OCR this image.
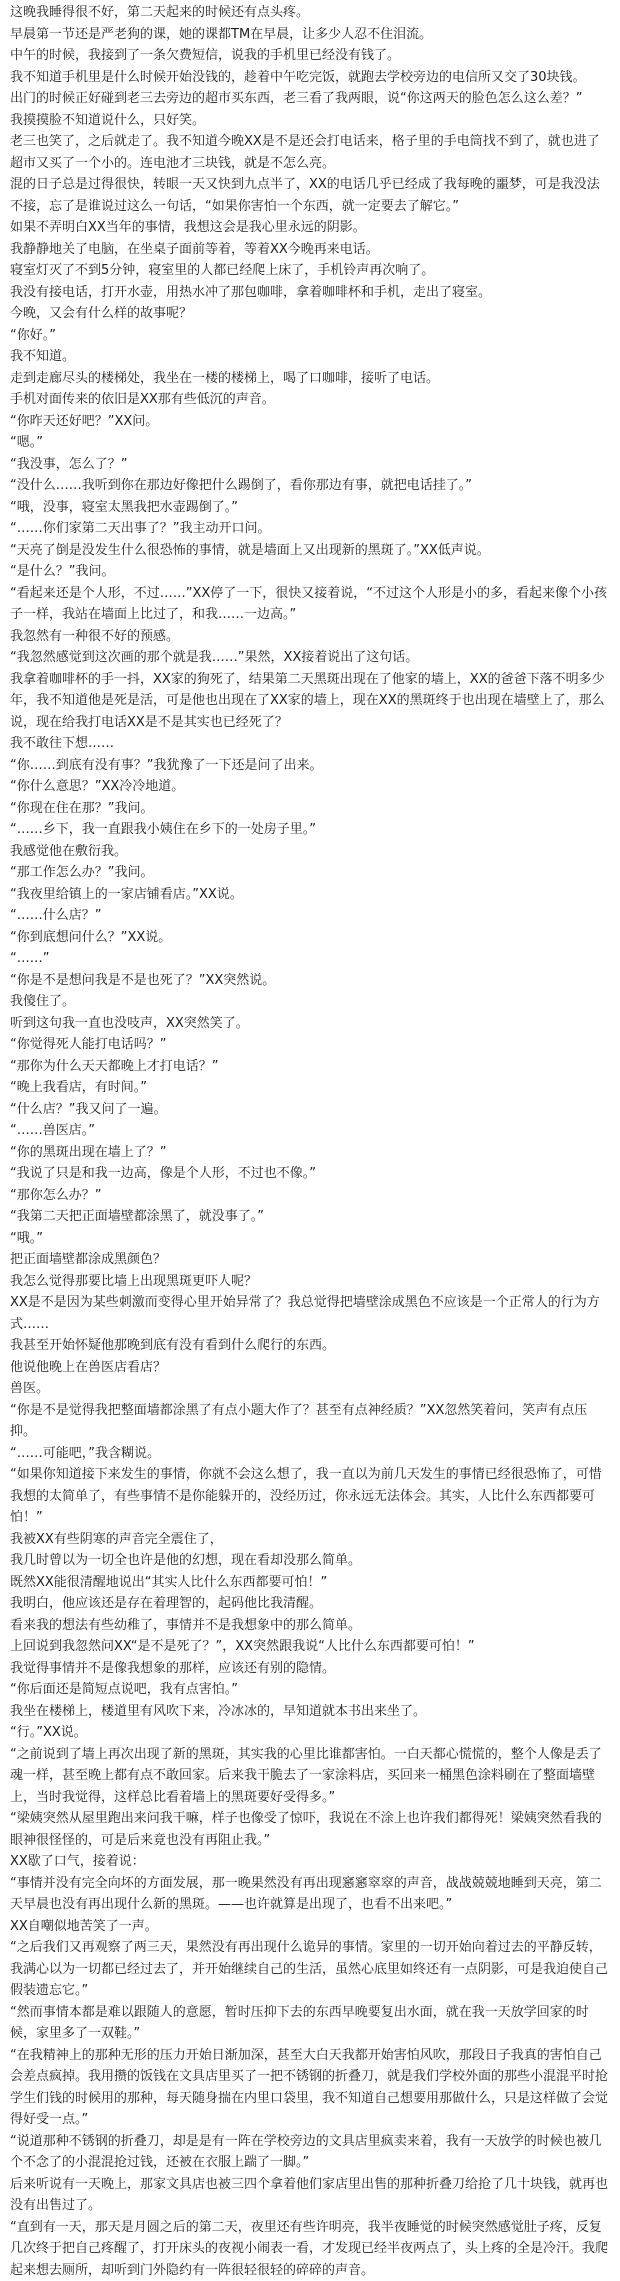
这晚我睡得很不好，第二天起来的时候还有点头疼。

早晨第一节还是严老狗的课，她的课都TM在早晨，让多少人忍不住泪流。

中午的时候，我接到了一条欠费短信，说我的手机里已经没有钱了。

我不知道手机里是什么时候开始没钱的，趁着中午吃完饭，就跑去学校旁边的电信所又交了30块钱。

出门的时候正好碰到老三去旁边的超市买东西，老三看了我两眼，说“你这两天的脸色怎么这么差？”

我摸摸脸不知道说什么，只好笑。

老三也笑了，之后就走了。我不知道今晚XX是不是还会打电话来，格子里的手电筒找不到了，就也进了超市又买了一个小的。连电池才三块钱，就是不怎么亮。

混的日子总是过得很快，转眼一天又快到九点半了，XX的电话几乎已经成了我每晚的噩梦，可是我没法不接，忘了是谁说过这么一句话，“如果你害怕一个东西，就一定要去了解它。”

如果不弄明白XX当年的事情，我想这会是我心里永远的阴影。

我静静地关了电脑，在坐桌子面前等着，等着XX今晚再来电话。

寝室灯灭了不到5分钟，寝室里的人都已经爬上床了，手机铃声再次响了。

我没有接电话，打开水壶，用热水冲了那包咖啡，拿着咖啡杯和手机，走出了寝室。

今晚，又会有什么样的故事呢？

“你好。”

我不知道。

走到走廊尽头的楼梯处，我坐在一楼的楼梯上，喝了口咖啡，接听了电话。

手机对面传来的依旧是XX那有些低沉的声音。

“你昨天还好吧？”XX问。

“嗯。”

“我没事，怎么了？”

“没什么……我听到你在那边好像把什么踢倒了，看你那边有事，就把电话挂了。”

“哦，没事，寝室太黑我把水壶踢倒了。”

“……你们家第二天出事了？”我主动开口问。

“天亮了倒是没发生什么很恐怖的事情，就是墙面上又出现新的黑斑了。”XX低声说。

“是什么？”我问。

“看起来还是个人形，不过……”XX停了一下，很快又接着说，“不过这个人形是小的多，看起来像个小孩子一样，我站在墙面上比过了，和我……一边高。”

我忽然有一种很不好的预感。

“我忽然感觉到这次画的那个就是我……”果然，XX接着说出了这句话。

我拿着咖啡杯的手一抖，XX家的狗死了，结果第二天黑斑出现在了他家的墙上，XX的爸爸下落不明多少年，我不知道他是死是活，可是他也出现在了XX家的墙上，现在XX的黑斑终于也出现在墙壁上了，那么说，现在给我打电话XX是不是其实也已经死了？

我不敢往下想……

“你……到底有没有事？”我犹豫了一下还是问了出来。

“你什么意思？”XX冷冷地道。

“你现在住在那？”我问。

“……乡下，我一直跟我小姨住在乡下的一处房子里。”

我感觉他在敷衍我。

“那工作怎么办？”我问。

“我夜里给镇上的一家店铺看店。”XX说。

“……什么店？”

“你到底想问什么？”XX说。

“……”

“你是不是想问我是不是也死了？”XX突然说。

我傻住了。

听到这句我一直也没吱声，XX突然笑了。

“你觉得死人能打电话吗？”

“那你为什么天天都晚上才打电话？”

“晚上我看店，有时间。”

“什么店？”我又问了一遍。

“……兽医店。”

“你的黑斑出现在墙上了？”

“我说了只是和我一边高，像是个人形，不过也不像。”

“那你怎么办？”

“我第二天把正面墙壁都涂黑了，就没事了。”

“哦。”

把正面墙壁都涂成黑颜色？

我怎么觉得那要比墙上出现黑斑更吓人呢？

XX是不是因为某些刺激而变得心里开始异常了？我总觉得把墙壁涂成黑色不应该是一个正常人的行为方式……

我甚至开始怀疑他那晚到底有没有看到什么爬行的东西。

他说他晚上在兽医店看店？

兽医。

“你是不是觉得我把整面墙都涂黑了有点小题大作了？甚至有点神经质？”XX忽然笑着问，笑声有点压抑。

“……可能吧，”我含糊说。

“如果你知道接下来发生的事情，你就不会这么想了，我一直以为前几天发生的事情已经很恐怖了，可惜我想的太简单了，有些事情不是你能躲开的，没经历过，你永远无法体会。其实，人比什么东西都要可怕！”

我被XX有些阴寒的声音完全震住了，

我几时曾以为一切全也许是他的幻想，现在看却没那么简单。

既然XX能很清醒地说出“其实人比什么东西都要可怕！”

我明白，他应该还是存在着理智的，起码他比我清醒。

看来我的想法有些幼稚了，事情并不是我想象中的那么简单。

上回说到我忽然问XX“是不是死了？”，XX突然跟我说“人比什么东西都要可怕！”

我觉得事情并不是像我想象的那样，应该还有别的隐情。

“你后面还是简短点说吧，我有点害怕。”

我坐在楼梯上，楼道里有风吹下来，冷冰冰的，早知道就本书出来坐了。

“行。”XX说。

“之前说到了墙上再次出现了新的黑斑，其实我的心里比谁都害怕。一白天都心慌慌的，整个人像是丢了魂一样，甚至晚上都有点不敢回家。后来我干脆去了一家涂料店，买回来一桶黑色涂料刷在了整面墙壁上，当时我觉得，这样总比看着墙上的黑斑要好受得多。”

“梁姨突然从屋里跑出来问我干嘛，样子也像受了惊吓，我说在不涂上也许我们都得死！梁姨突然看我的眼神很怪怪的，可是后来竟也没有再阻止我。”

XX歇了口气，接着说：

“事情并没有完全向坏的方面发展，那一晚果然没有再出现窸窸窣窣的声音，战战兢兢地睡到天亮，第二天早晨也没有再出现什么新的黑斑。——也许就算是出现了，也看不出来吧。”

XX自嘲似地苦笑了一声。

“之后我们又再观察了两三天，果然没有再出现什么诡异的事情。家里的一切开始向着过去的平静反转，我满心以为一切都已经过去了，并开始继续自己的生活，虽然心底里如终还有一点阴影，可是我迫使自己假装遗忘它。”

“然而事情本都是难以跟随人的意愿，暂时压抑下去的东西早晚要复出水面，就在我一天放学回家的时候，家里多了一双鞋。”

“在我精神上的那种无形的压力开始日渐加深，甚至大白天我都开始害怕风吹，那段日子我真的害怕自己会差点疯掉。我用攒的饭钱在文具店里买了一把不锈钢的折叠刀，就是我们学校外面的那些小混混平时抢学生们钱的时候用的那种，每天随身揣在内里口袋里，我不知道自己想要用那做什么，只是这样做了会觉得好受一点。”

“说道那种不锈钢的折叠刀，却是是有一阵在学校旁边的文具店里疯卖来着，我有一天放学的时候也被几个不念了的小混混抢过钱，还被在衣服上踹了一脚。”

后来听说有一天晚上，那家文具店也被三四个拿着他们家店里出售的那种折叠刀给抢了几十块钱，就再也没有出售过了。

“直到有一天，那天是月圆之后的第二天，夜里还有些许明亮，我半夜睡觉的时候突然感觉肚子疼，反复几次终于把自己疼醒了，打开床头的夜视小闹表一看，才发现已经半夜两点了，头上疼的全是冷汗。我爬起来想去厕所，却听到门外隐约有一阵很轻很轻的碎碎的声音。
